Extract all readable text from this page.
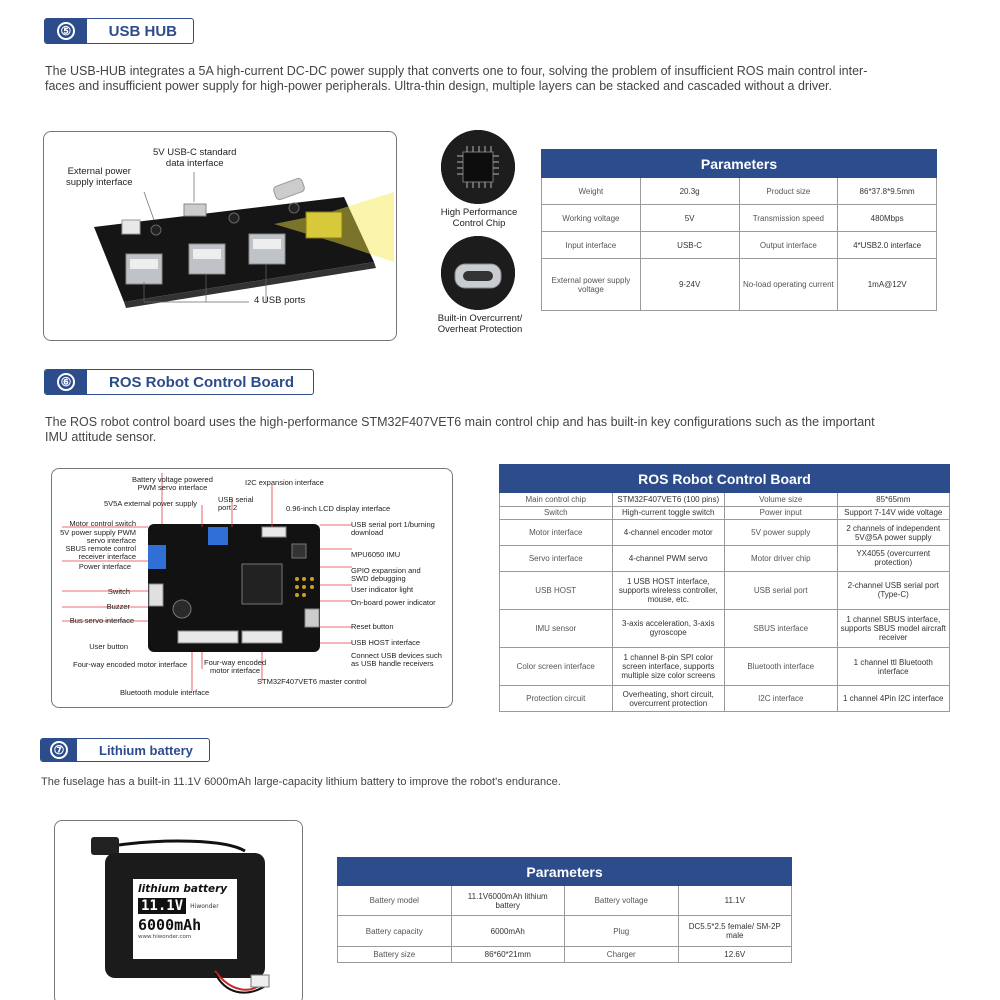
⑤	USB HUB
The USB-HUB integrates a 5A high-current DC-DC power supply that converts one to four, solving the problem of insufficient ROS main control inter-
faces and insufficient power supply for high-power peripherals. Ultra-thin design, multiple layers can be stacked and cascaded without a driver.
5V USB-C standard
data interface
External power
supply interface
4 USB ports
High Performance
Control Chip
Built-in Overcurrent/
Overheat Protection
Parameters			
Weight	20.3g	Product size	86*37.8*9.5mm
Working voltage	5V	Transmission speed	480Mbps
Input interface	USB-C	Output interface	4*USB2.0 interface
External power supply voltage	9-24V	No-load operating current	1mA@12V
⑥	ROS Robot Control Board
The ROS robot control board uses the high-performance STM32F407VET6 main control chip and has built-in key configurations such as the important
IMU attitude sensor.
Battery voltage powered
PWM servo interface
I2C expansion interface
5V5A external power supply	USB serial
port 2	0.96-inch LCD display interface
Motor control switch
5V power supply PWM
servo interface
SBUS remote control
receiver interface
Power interface
Switch
Buzzer
Bus servo interface
User button
Four-way encoded motor interface
Bluetooth module interface
USB serial port 1/burning
download
MPU6050 IMU
GPIO expansion and
SWD debugging
User indicator light
On-board power indicator
Reset button
USB HOST interface
Connect USB devices such
as USB handle receivers
Four-way encoded
motor interface
STM32F407VET6 master control
ROS Robot Control Board			
Main control chip	STM32F407VET6 (100 pins)	Volume size	85*65mm
Switch	High-current toggle switch	Power input	Support 7-14V wide voltage
Motor interface	4-channel encoder motor	5V power supply	2 channels of independent 5V@5A power supply
Servo interface	4-channel PWM servo	Motor driver chip	YX4055 (overcurrent protection)
USB HOST	1 USB HOST interface, supports wireless controller, mouse, etc.	USB serial port	2-channel USB serial port (Type-C)
IMU sensor	3-axis acceleration, 3-axis gyroscope	SBUS interface	1 channel SBUS interface, supports SBUS model aircraft receiver
Color screen interface	1 channel 8-pin SPI color screen interface, supports multiple size color screens	Bluetooth interface	1 channel ttl Bluetooth interface
Protection circuit	Overheating, short circuit, overcurrent protection	I2C interface	1 channel 4Pin I2C interface
⑦	Lithium battery
The fuselage has a built-in 11.1V 6000mAh large-capacity lithium battery to improve the robot's endurance.
lithium battery
11.1V	Hiwonder
6000mAh
www.hiwonder.com
Parameters			
Battery model	11.1V6000mAh lithium battery	Battery voltage	11.1V
Battery capacity	6000mAh	Plug	DC5.5*2.5 female/ SM-2P male
Battery size	86*60*21mm	Charger	12.6V
